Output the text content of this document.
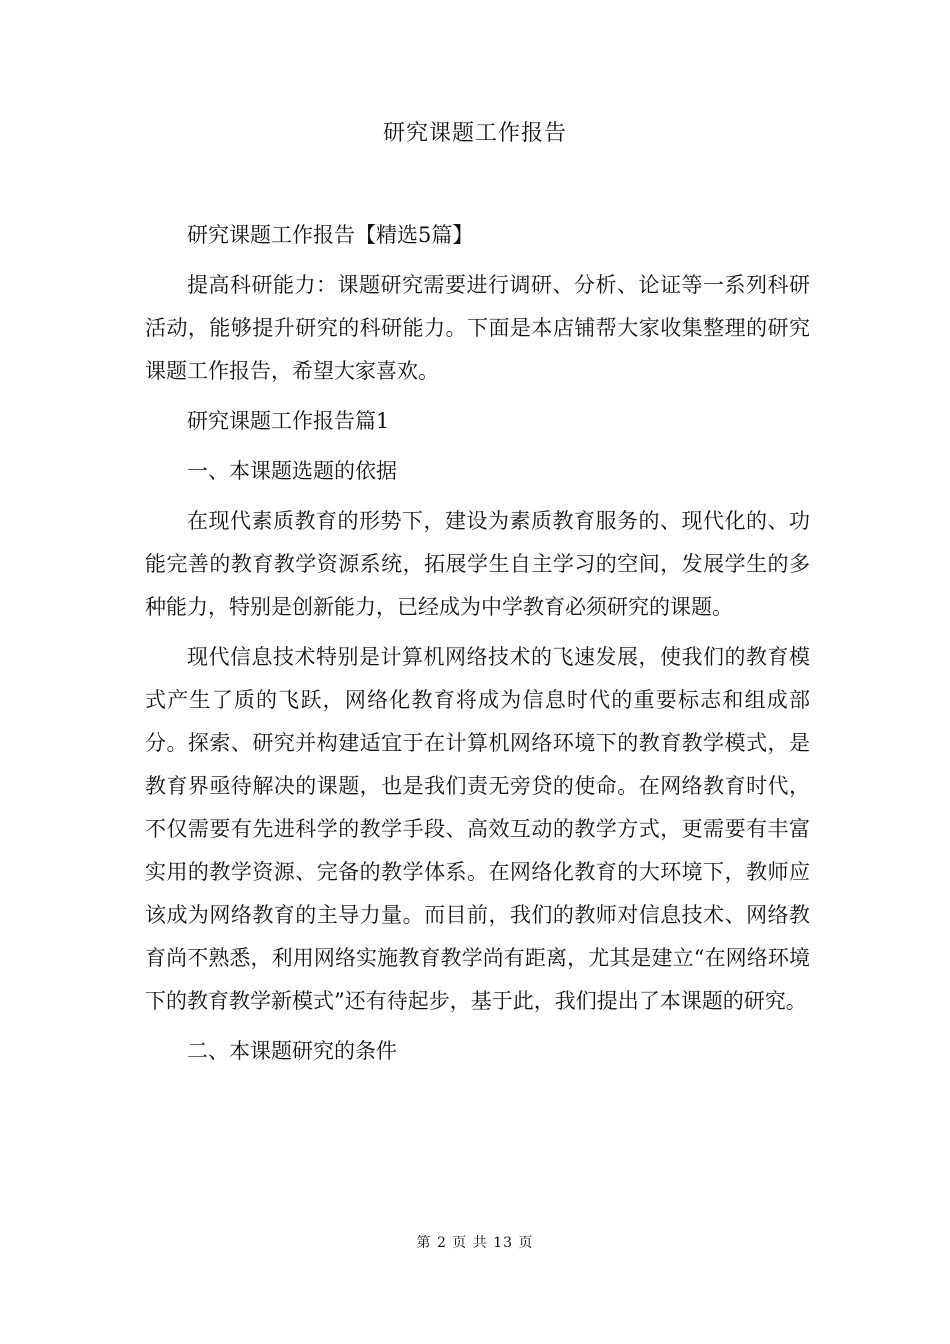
研究课题工作报告

研究课题工作报告【精选5篇】

提高科研能力：课题研究需要进行调研、分析、论证等一系列科研活动，能够提升研究的科研能力。下面是本店铺帮大家收集整理的研究课题工作报告，希望大家喜欢。

研究课题工作报告篇1

一、本课题选题的依据

在现代素质教育的形势下，建设为素质教育服务的、现代化的、功能完善的教育教学资源系统，拓展学生自主学习的空间，发展学生的多种能力，特别是创新能力，已经成为中学教育必须研究的课题。

现代信息技术特别是计算机网络技术的飞速发展，使我们的教育模式产生了质的飞跃，网络化教育将成为信息时代的重要标志和组成部分。探索、研究并构建适宜于在计算机网络环境下的教育教学模式，是教育界亟待解决的课题，也是我们责无旁贷的使命。在网络教育时代，不仅需要有先进科学的教学手段、高效互动的教学方式，更需要有丰富实用的教学资源、完备的教学体系。在网络化教育的大环境下，教师应该成为网络教育的主导力量。而目前，我们的教师对信息技术、网络教育尚不熟悉，利用网络实施教育教学尚有距离，尤其是建立“在网络环境下的教育教学新模式”还有待起步，基于此，我们提出了本课题的研究。

二、本课题研究的条件

第 2 页 共 13 页
